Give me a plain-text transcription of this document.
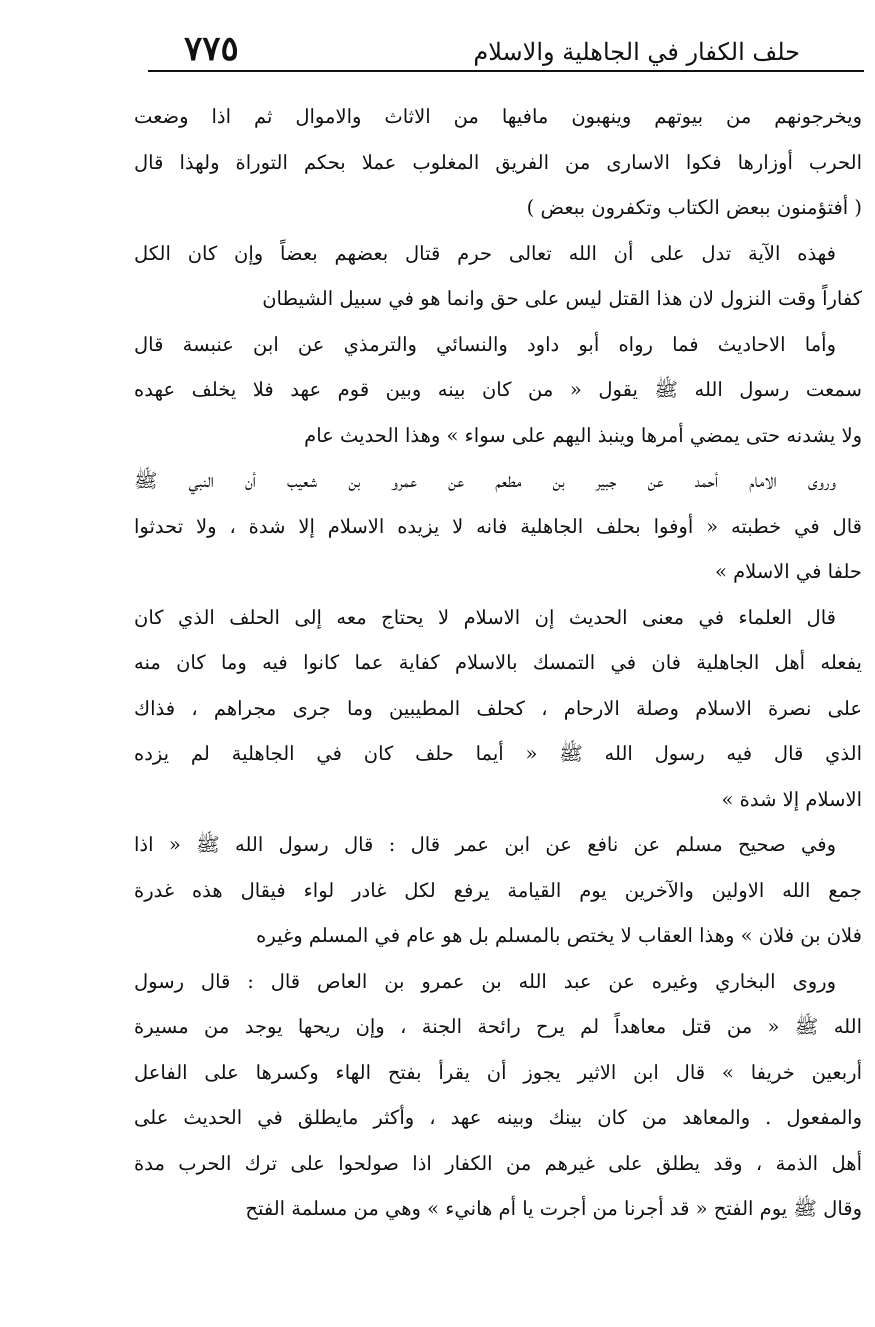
حلف الكفار في الجاهلية والاسلام
٧٧٥
ويخرجونهم من بيوتهم وينهبون مافيها من الاثاث والاموال ثم اذا وضعت
الحرب أوزارها فكوا الاسارى من الفريق المغلوب عملا بحكم التوراة ولهذا قال
( أفتؤمنون ببعض الكتاب وتكفرون ببعض )
فهذه الآية تدل على أن الله تعالى حرم قتال بعضهم بعضاً وإن كان الكل
كفاراً وقت النزول لان هذا القتل ليس على حق وانما هو في سبيل الشيطان
وأما الاحاديث فما رواه أبو داود والنسائي والترمذي عن ابن عنبسة قال
سمعت رسول الله ﷺ يقول « من كان بينه وبين قوم عهد فلا يخلف عهده
ولا يشدنه حتى يمضي أمرها وينبذ اليهم على سواء » وهذا الحديث عام
وروى الامام أحمد عن جبير بن مطعم عن عمرو بن شعيب أن النبي ﷺ
قال في خطبته « أوفوا بحلف الجاهلية فانه لا يزيده الاسلام إلا شدة ، ولا تحدثوا
حلفا في الاسلام »
قال العلماء في معنى الحديث إن الاسلام لا يحتاج معه إلى الحلف الذي كان
يفعله أهل الجاهلية فان في التمسك بالاسلام كفاية عما كانوا فيه وما كان منه
على نصرة الاسلام وصلة الارحام ، كحلف المطيبين وما جرى مجراهم ، فذاك
الذي قال فيه رسول الله ﷺ « أيما حلف كان في الجاهلية لم يزده
الاسلام إلا شدة »
وفي صحيح مسلم عن نافع عن ابن عمر قال : قال رسول الله ﷺ « اذا
جمع الله الاولين والآخرين يوم القيامة يرفع لكل غادر لواء فيقال هذه غدرة
فلان بن فلان » وهذا العقاب لا يختص بالمسلم بل هو عام في المسلم وغيره
وروى البخاري وغيره عن عبد الله بن عمرو بن العاص قال : قال رسول
الله ﷺ « من قتل معاهداً لم يرح رائحة الجنة ، وإن ريحها يوجد من مسيرة
أربعين خريفا » قال ابن الاثير يجوز أن يقرأ بفتح الهاء وكسرها على الفاعل
والمفعول . والمعاهد من كان بينك وبينه عهد ، وأكثر مايطلق في الحديث على
أهل الذمة ، وقد يطلق على غيرهم من الكفار اذا صولحوا على ترك الحرب مدة
وقال ﷺ يوم الفتح « قد أجرنا من أجرت يا أم هانيء » وهي من مسلمة الفتح
